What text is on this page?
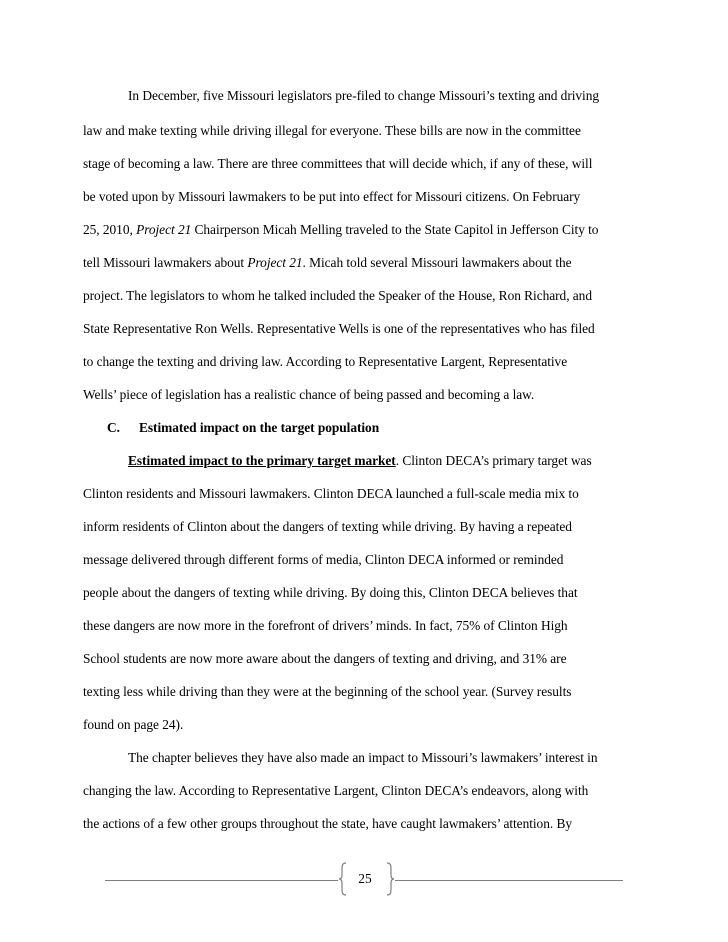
In December, five Missouri legislators pre-filed to change Missouri’s texting and driving
law and make texting while driving illegal for everyone. These bills are now in the committee
stage of becoming a law. There are three committees that will decide which, if any of these, will
be voted upon by Missouri lawmakers to be put into effect for Missouri citizens. On February
25, 2010, Project 21 Chairperson Micah Melling traveled to the State Capitol in Jefferson City to
tell Missouri lawmakers about Project 21. Micah told several Missouri lawmakers about the
project. The legislators to whom he talked included the Speaker of the House, Ron Richard, and
State Representative Ron Wells. Representative Wells is one of the representatives who has filed
to change the texting and driving law. According to Representative Largent, Representative
Wells’ piece of legislation has a realistic chance of being passed and becoming a law.
C. Estimated impact on the target population
Estimated impact to the primary target market. Clinton DECA’s primary target was
Clinton residents and Missouri lawmakers. Clinton DECA launched a full-scale media mix to
inform residents of Clinton about the dangers of texting while driving. By having a repeated
message delivered through different forms of media, Clinton DECA informed or reminded
people about the dangers of texting while driving. By doing this, Clinton DECA believes that
these dangers are now more in the forefront of drivers’ minds. In fact, 75% of Clinton High
School students are now more aware about the dangers of texting and driving, and 31% are
texting less while driving than they were at the beginning of the school year. (Survey results
found on page 24).
The chapter believes they have also made an impact to Missouri’s lawmakers’ interest in
changing the law. According to Representative Largent, Clinton DECA’s endeavors, along with
the actions of a few other groups throughout the state, have caught lawmakers’ attention. By
25
